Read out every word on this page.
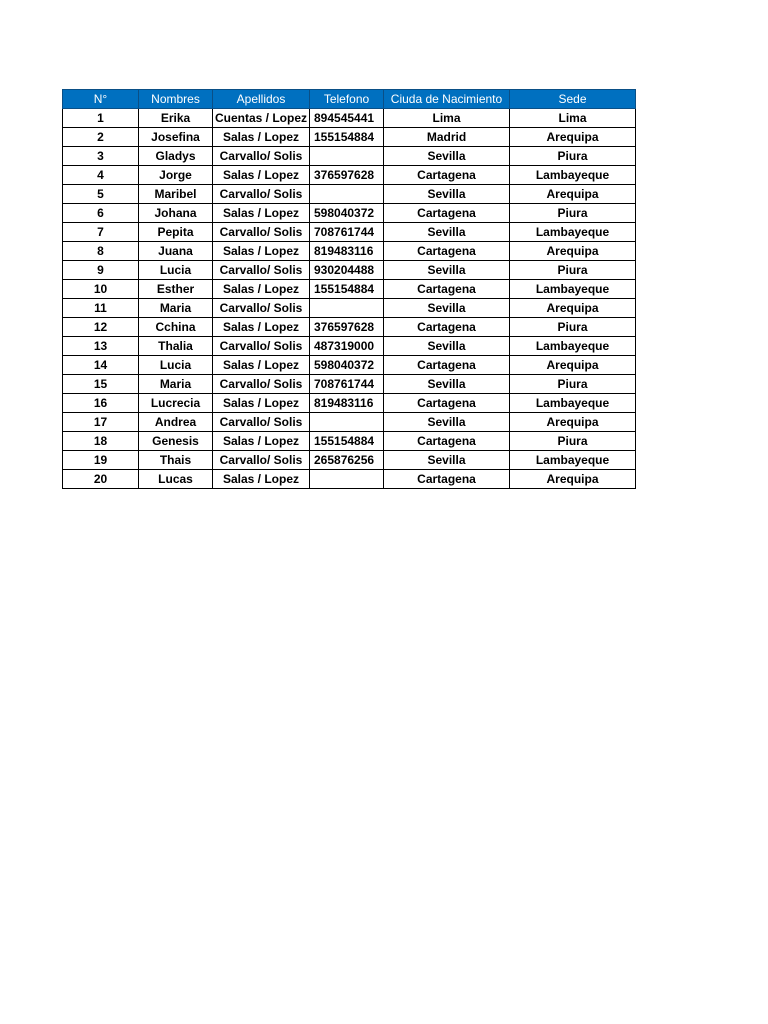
N°	Nombres	Apellidos	Telefono	Ciuda de Nacimiento	Sede
1	Erika	Cuentas / Lopez	894545441	Lima	Lima
2	Josefina	Salas / Lopez	155154884	Madrid	Arequipa
3	Gladys	Carvallo/ Solis		Sevilla	Piura
4	Jorge	Salas / Lopez	376597628	Cartagena	Lambayeque
5	Maribel	Carvallo/ Solis		Sevilla	Arequipa
6	Johana	Salas / Lopez	598040372	Cartagena	Piura
7	Pepita	Carvallo/ Solis	708761744	Sevilla	Lambayeque
8	Juana	Salas / Lopez	819483116	Cartagena	Arequipa
9	Lucia	Carvallo/ Solis	930204488	Sevilla	Piura
10	Esther	Salas / Lopez	155154884	Cartagena	Lambayeque
11	Maria	Carvallo/ Solis		Sevilla	Arequipa
12	Cchina	Salas / Lopez	376597628	Cartagena	Piura
13	Thalia	Carvallo/ Solis	487319000	Sevilla	Lambayeque
14	Lucia	Salas / Lopez	598040372	Cartagena	Arequipa
15	Maria	Carvallo/ Solis	708761744	Sevilla	Piura
16	Lucrecia	Salas / Lopez	819483116	Cartagena	Lambayeque
17	Andrea	Carvallo/ Solis		Sevilla	Arequipa
18	Genesis	Salas / Lopez	155154884	Cartagena	Piura
19	Thais	Carvallo/ Solis	265876256	Sevilla	Lambayeque
20	Lucas	Salas / Lopez		Cartagena	Arequipa
